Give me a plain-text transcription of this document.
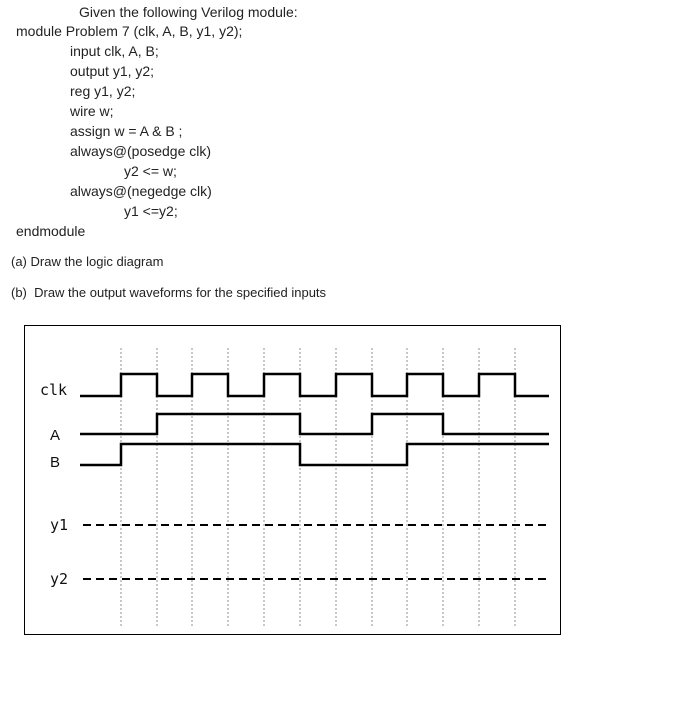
Given the following Verilog module:
module Problem 7 (clk, A, B, y1, y2);
input clk, A, B;
output y1, y2;
reg y1, y2;
wire w;
assign w = A & B ;
always@(posedge clk)
y2 <= w;
always@(negedge clk)
y1 <=y2;
endmodule
(a) Draw the logic diagram
(b)  Draw the output waveforms for the specified inputs
clk
A
B
y1
y2
